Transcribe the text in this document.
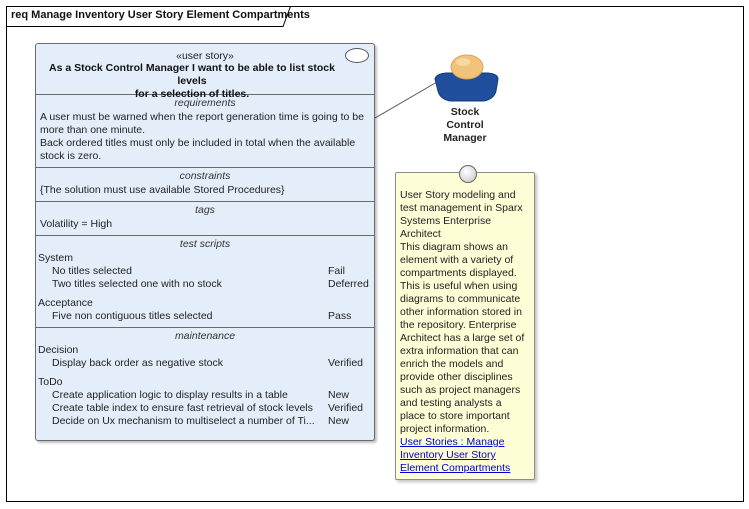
req Manage Inventory User Story Element Compartments
«user story»
As a Stock Control Manager I want to be able to list stock levels
for a selection of titles.
requirements
A user must be warned when the report generation time is going to be
more than one minute.
Back ordered titles must only be included in total when the available
stock is zero.
constraints
{The solution must use available Stored Procedures}
tags
Volatility = High
test scripts
System
No titles selected	Fail
Two titles selected one with no stock	Deferred
Acceptance
Five non contiguous titles selected	Pass
maintenance
Decision
Display back order as negative stock	Verified
ToDo
Create application logic to display results in a table	New
Create table index to ensure fast retrieval of stock levels Verified
Decide on Ux mechanism to multiselect a number of Ti... New
Stock
Control
Manager
User Story modeling and
test management in Sparx
Systems Enterprise
Architect
This diagram shows an
element with a variety of
compartments displayed.
This is useful when using
diagrams to communicate
other information stored in
the repository. Enterprise
Architect has a large set of
extra information that can
enrich the models and
provide other disciplines
such as project managers
and testing analysts a
place to store important
project information.
User Stories : Manage
Inventory User Story
Element Compartments
